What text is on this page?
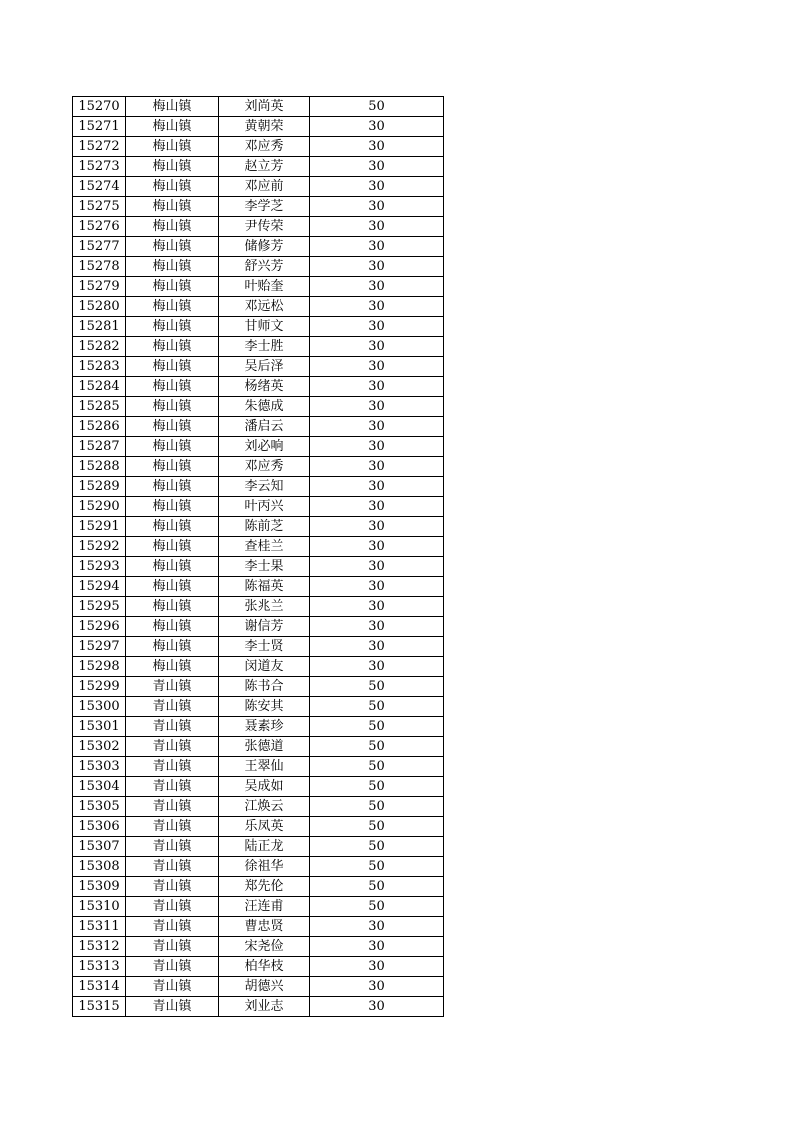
15270	梅山镇	刘尚英	50
15271	梅山镇	黄朝荣	30
15272	梅山镇	邓应秀	30
15273	梅山镇	赵立芳	30
15274	梅山镇	邓应前	30
15275	梅山镇	李学芝	30
15276	梅山镇	尹传荣	30
15277	梅山镇	储修芳	30
15278	梅山镇	舒兴芳	30
15279	梅山镇	叶贻奎	30
15280	梅山镇	邓远松	30
15281	梅山镇	甘师文	30
15282	梅山镇	李士胜	30
15283	梅山镇	吴后泽	30
15284	梅山镇	杨绪英	30
15285	梅山镇	朱德成	30
15286	梅山镇	潘启云	30
15287	梅山镇	刘必响	30
15288	梅山镇	邓应秀	30
15289	梅山镇	李云知	30
15290	梅山镇	叶丙兴	30
15291	梅山镇	陈前芝	30
15292	梅山镇	查桂兰	30
15293	梅山镇	李士果	30
15294	梅山镇	陈福英	30
15295	梅山镇	张兆兰	30
15296	梅山镇	谢信芳	30
15297	梅山镇	李士贤	30
15298	梅山镇	闵道友	30
15299	青山镇	陈书合	50
15300	青山镇	陈安其	50
15301	青山镇	聂素珍	50
15302	青山镇	张德道	50
15303	青山镇	王翠仙	50
15304	青山镇	吴成如	50
15305	青山镇	江焕云	50
15306	青山镇	乐凤英	50
15307	青山镇	陆正龙	50
15308	青山镇	徐祖华	50
15309	青山镇	郑先伦	50
15310	青山镇	汪连甫	50
15311	青山镇	曹忠贤	30
15312	青山镇	宋尧俭	30
15313	青山镇	柏华枝	30
15314	青山镇	胡德兴	30
15315	青山镇	刘业志	30
